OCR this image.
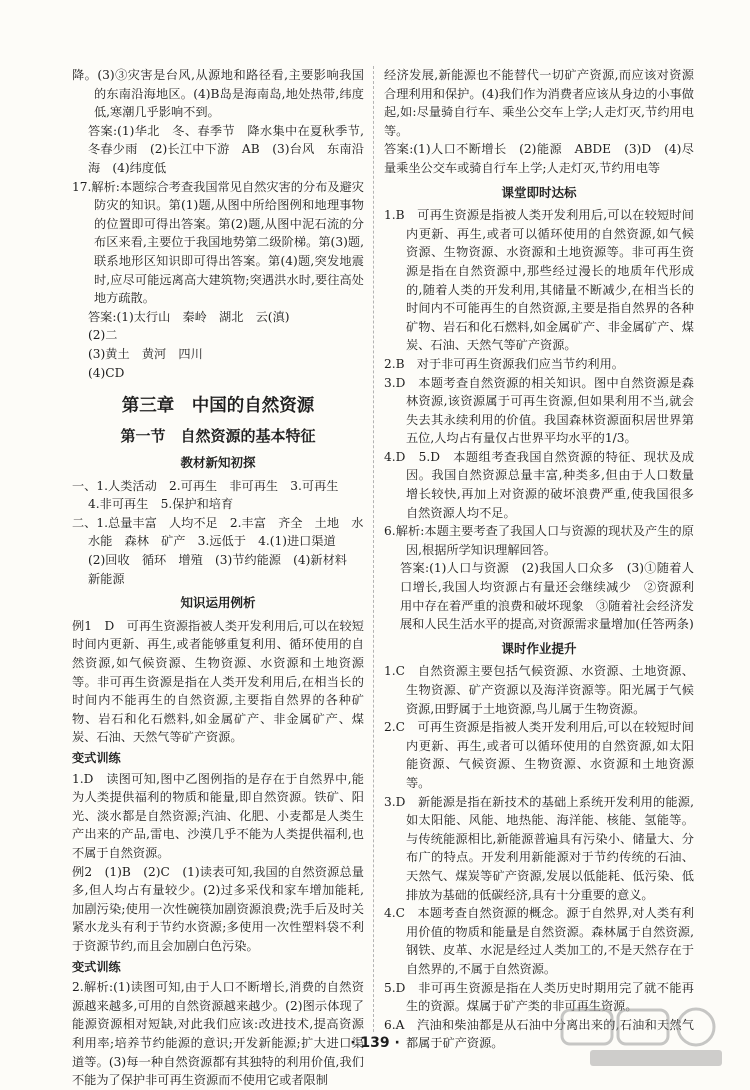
降。(3)③灾害是台风,从源地和路径看,主要影响我国的东南沿海地区。(4)B岛是海南岛,地处热带,纬度低,寒潮几乎影响不到。

答案:(1)华北　冬、春季节　降水集中在夏秋季节,冬春少雨　(2)长江中下游　AB　(3)台风　东南沿海　(4)纬度低

17.解析:本题综合考查我国常见自然灾害的分布及避灾防灾的知识。第(1)题,从图中所给图例和地理事物的位置即可得出答案。第(2)题,从图中泥石流的分布区来看,主要位于我国地势第二级阶梯。第(3)题,联系地形区知识即可得出答案。第(4)题,突发地震时,应尽可能远离高大建筑物;突遇洪水时,要往高处地方疏散。

答案:(1)太行山　秦岭　湖北　云(滇)

(2)二

(3)黄土　黄河　四川

(4)CD

第三章　中国的自然资源
第一节　自然资源的基本特征
教材新知初探

一、1.人类活动　2.可再生　非可再生　3.可再生

4.非可再生　5.保护和培育

二、1.总量丰富　人均不足　2.丰富　齐全　土地　水

水能　森林　矿产　3.远低于　4.(1)进口渠道

(2)回收　循环　增殖　(3)节约能源　(4)新材料

新能源

知识运用例析

例1　D　可再生资源指被人类开发利用后,可以在较短时间内更新、再生,或者能够重复利用、循环使用的自然资源,如气候资源、生物资源、水资源和土地资源等。非可再生资源是指在人类开发利用后,在相当长的时间内不能再生的自然资源,主要指自然界的各种矿物、岩石和化石燃料,如金属矿产、非金属矿产、煤炭、石油、天然气等矿产资源。

变式训练

1.D　读图可知,图中乙图例指的是存在于自然界中,能为人类提供福利的物质和能量,即自然资源。铁矿、阳光、淡水都是自然资源;汽油、化肥、小麦都是人类生产出来的产品,雷电、沙漠几乎不能为人类提供福利,也不属于自然资源。

例2　(1)B　(2)C　(1)读表可知,我国的自然资源总量多,但人均占有量较少。(2)过多采伐和家车增加能耗,加剧污染;使用一次性碗筷加剧资源浪费;洗手后及时关紧水龙头有利于节约水资源;多使用一次性塑料袋不利于资源节约,而且会加剧白色污染。

变式训练

2.解析:(1)读图可知,由于人口不断增长,消费的自然资源越来越多,可用的自然资源越来越少。(2)图示体现了能源资源相对短缺,对此我们应该:改进技术,提高资源利用率;培养节约能源的意识;开发新能源;扩大进口渠道等。(3)每一种自然资源都有其独特的利用价值,我们不能为了保护非可再生资源而不使用它或者限制

经济发展,新能源也不能替代一切矿产资源,而应该对资源合理利用和保护。(4)我们作为消费者应该从身边的小事做起,如:尽量骑自行车、乘坐公交车上学;人走灯灭,节约用电等。

答案:(1)人口不断增长　(2)能源　ABDE　(3)D　(4)尽量乘坐公交车或骑自行车上学;人走灯灭,节约用电等

课堂即时达标

1.B　可再生资源是指被人类开发利用后,可以在较短时间内更新、再生,或者可以循环使用的自然资源,如气候资源、生物资源、水资源和土地资源等。非可再生资源是指在自然资源中,那些经过漫长的地质年代形成的,随着人类的开发利用,其储量不断减少,在相当长的时间内不可能再生的自然资源,主要是指自然界的各种矿物、岩石和化石燃料,如金属矿产、非金属矿产、煤炭、石油、天然气等矿产资源。

2.B　对于非可再生资源我们应当节约利用。

3.D　本题考查自然资源的相关知识。图中自然资源是森林资源,该资源属于可再生资源,但如果利用不当,就会失去其永续利用的价值。我国森林资源面积居世界第五位,人均占有量仅占世界平均水平的1/3。

4.D　5.D　本题组考查我国自然资源的特征、现状及成因。我国自然资源总量丰富,种类多,但由于人口数量增长较快,再加上对资源的破坏浪费严重,使我国很多自然资源人均不足。

6.解析:本题主要考查了我国人口与资源的现状及产生的原因,根据所学知识理解回答。

答案:(1)人口与资源　(2)我国人口众多　(3)①随着人口增长,我国人均资源占有量还会继续减少　②资源利用中存在着严重的浪费和破坏现象　③随着社会经济发展和人民生活水平的提高,对资源需求量增加(任答两条)

课时作业提升

1.C　自然资源主要包括气候资源、水资源、土地资源、生物资源、矿产资源以及海洋资源等。阳光属于气候资源,田野属于土地资源,鸟儿属于生物资源。

2.C　可再生资源是指被人类开发利用后,可以在较短时间内更新、再生,或者可以循环使用的自然资源,如太阳能资源、气候资源、生物资源、水资源和土地资源等。

3.D　新能源是指在新技术的基础上系统开发利用的能源,如太阳能、风能、地热能、海洋能、核能、氢能等。与传统能源相比,新能源普遍具有污染小、储量大、分布广的特点。开发利用新能源对于节约传统的石油、天然气、煤炭等矿产资源,发展以低能耗、低污染、低排放为基础的低碳经济,具有十分重要的意义。

4.C　本题考查自然资源的概念。源于自然界,对人类有利用价值的物质和能量是自然资源。森林属于自然资源,钢铁、皮革、水泥是经过人类加工的,不是天然存在于自然界的,不属于自然资源。

5.D　非可再生资源是指在人类历史时期用完了就不能再生的资源。煤属于矿产类的非可再生资源。

6.A　汽油和柴油都是从石油中分离出来的,石油和天然气都属于矿产资源。

· 139 ·
